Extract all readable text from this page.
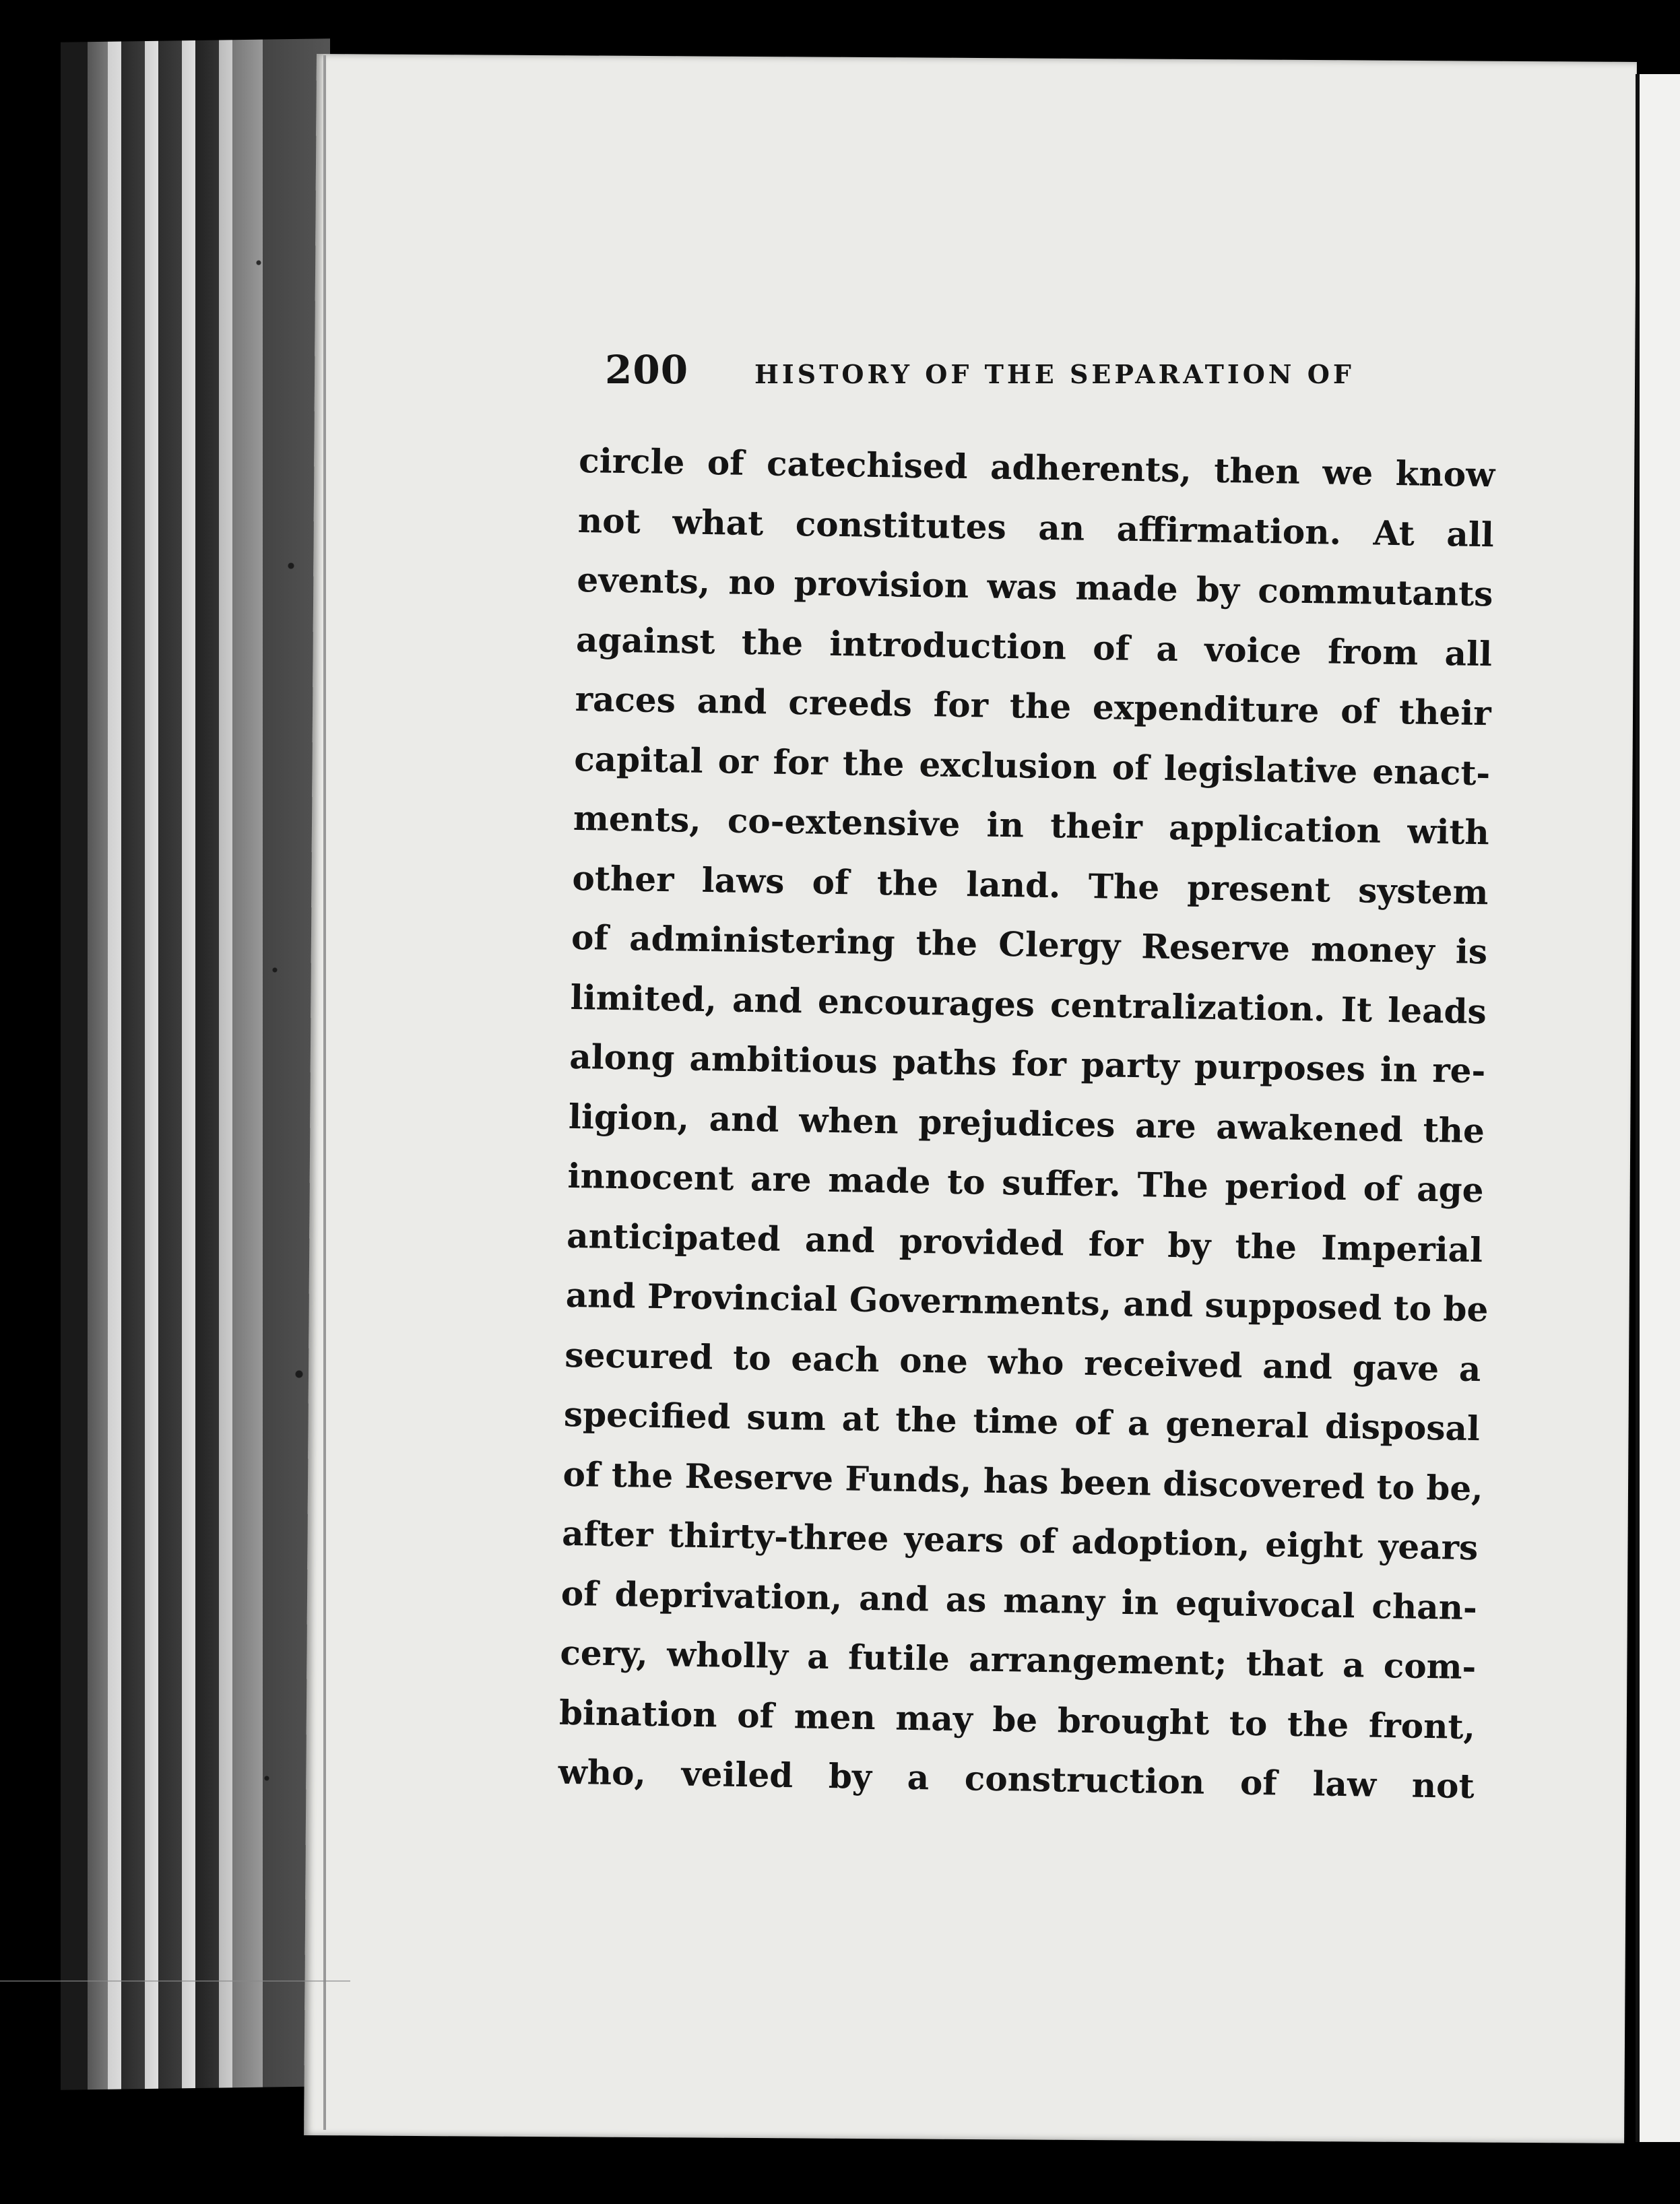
200	HISTORY OF THE SEPARATION OF
circle of catechised adherents, then we know
not what constitutes an affirmation. At all
events, no provision was made by commutants
against the introduction of a voice from all
races and creeds for the expenditure of their
capital or for the exclusion of legislative enact-
ments, co-extensive in their application with
other laws of the land. The present system
of administering the Clergy Reserve money is
limited, and encourages centralization. It leads
along ambitious paths for party purposes in re-
ligion, and when prejudices are awakened the
innocent are made to suffer. The period of age
anticipated and provided for by the Imperial
and Provincial Governments, and supposed to be
secured to each one who received and gave a
specified sum at the time of a general disposal
of the Reserve Funds, has been discovered to be,
after thirty-three years of adoption, eight years
of deprivation, and as many in equivocal chan-
cery, wholly a futile arrangement; that a com-
bination of men may be brought to the front,
who, veiled by a construction of law not
